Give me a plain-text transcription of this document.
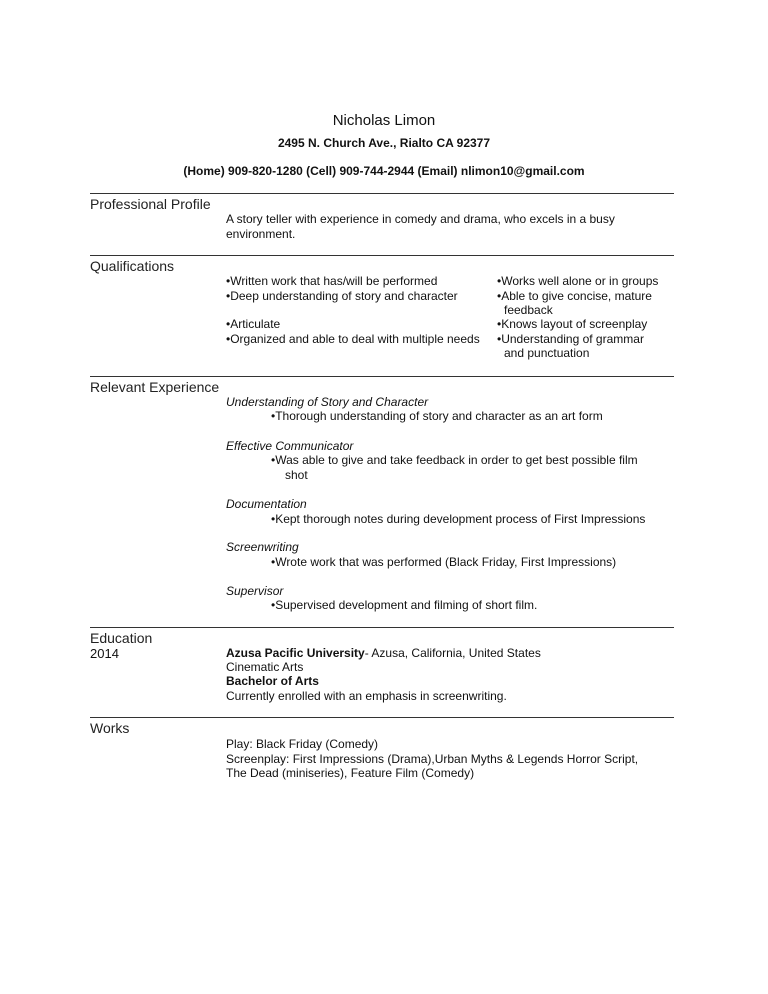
Nicholas Limon
2495 N. Church Ave., Rialto CA 92377
(Home) 909-820-1280 (Cell) 909-744-2944 (Email) nlimon10@gmail.com
Professional Profile
A story teller with experience in comedy and drama, who excels in a busy
environment.
Qualifications
• Written work that has/will be performed
• Deep understanding of story and character
• Articulate
• Organized and able to deal with multiple needs
• Works well alone or in groups
• Able to give concise, mature
feedback
• Knows layout of screenplay
• Understanding of grammar
and punctuation
Relevant Experience
Understanding of Story and Character
• Thorough understanding of story and character as an art form
Effective Communicator
• Was able to give and take feedback in order to get best possible film
shot
Documentation
• Kept thorough notes during development process of First Impressions
Screenwriting
• Wrote work that was performed (Black Friday, First Impressions)
Supervisor
• Supervised development and filming of short film.
Education
2014	Azusa Pacific University- Azusa, California, United States
Cinematic Arts
Bachelor of Arts
Currently enrolled with an emphasis in screenwriting.
Works
Play: Black Friday (Comedy)
Screenplay: First Impressions (Drama),Urban Myths & Legends Horror Script,
The Dead (miniseries), Feature Film (Comedy)
